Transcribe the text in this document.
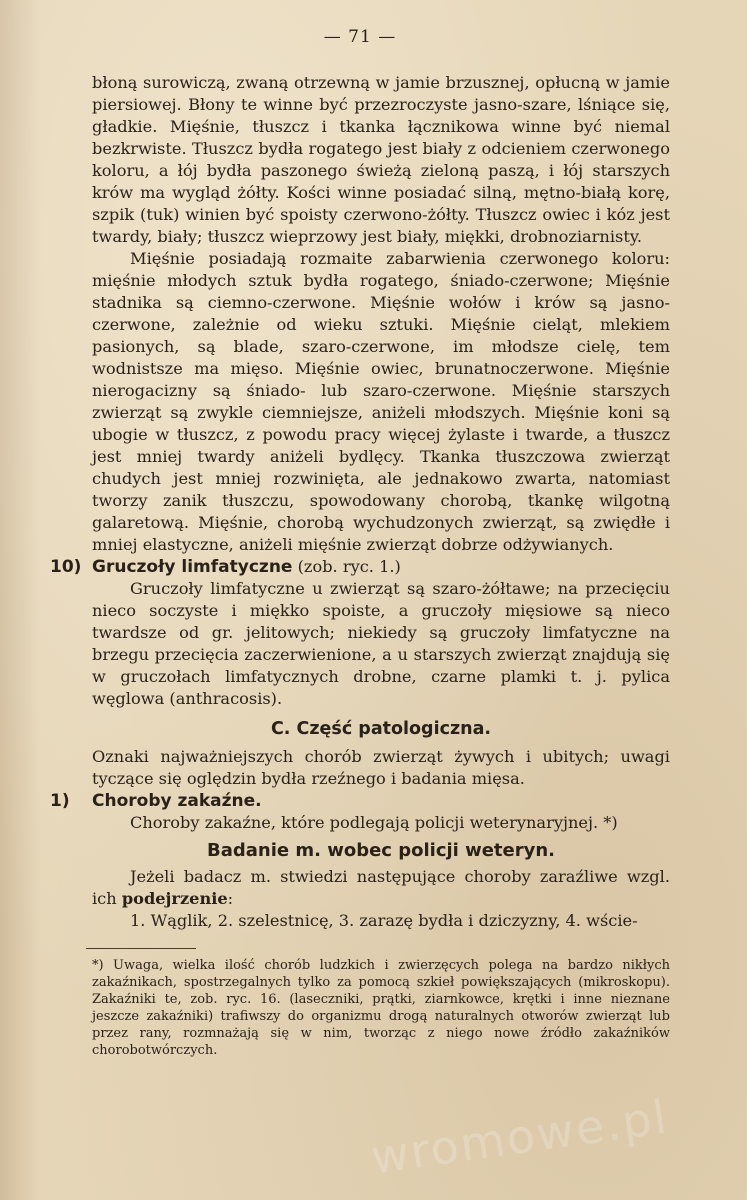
— 71 —

błoną surowiczą, zwaną otrzewną w jamie brzusznej, opłucną w jamie piersiowej. Błony te winne być przezroczyste jasno-szare, lśniące się, gładkie. Mięśnie, tłuszcz i tkanka łącznikowa winne być niemal bezkrwiste. Tłuszcz bydła rogatego jest biały z odcieniem czerwonego koloru, a łój bydła paszonego świeżą zieloną paszą, i łój starszych krów ma wygląd żółty. Kości winne posiadać silną, mętno-białą korę, szpik (tuk) winien być spoisty czerwono-żółty. Tłuszcz owiec i kóz jest twardy, biały; tłuszcz wieprzowy jest biały, miękki, drobnoziarnisty.

Mięśnie posiadają rozmaite zabarwienia czerwonego koloru: mięśnie młodych sztuk bydła rogatego, śniado-czerwone; Mięśnie stadnika są ciemno-czerwone. Mięśnie wołów i krów są jasno-czerwone, zależnie od wieku sztuki. Mięśnie cieląt, mlekiem pasionych, są blade, szaro-czerwone, im młodsze cielę, tem wodnistsze ma mięso. Mięśnie owiec, brunatnoczerwone. Mięśnie nierogacizny są śniado- lub szaro-czerwone. Mięśnie starszych zwierząt są zwykle ciemniejsze, aniżeli młodszych. Mięśnie koni są ubogie w tłuszcz, z powodu pracy więcej żylaste i twarde, a tłuszcz jest mniej twardy aniżeli bydlęcy. Tkanka tłuszczowa zwierząt chudych jest mniej rozwinięta, ale jednakowo zwarta, natomiast tworzy zanik tłuszczu, spowodowany chorobą, tkankę wilgotną galaretową. Mięśnie, chorobą wychudzonych zwierząt, są zwiędłe i mniej elastyczne, aniżeli mięśnie zwierząt dobrze odżywianych.

10) Gruczoły limfatyczne (zob. ryc. 1.)

Gruczoły limfatyczne u zwierząt są szaro-żółtawe; na przecięciu nieco soczyste i miękko spoiste, a gruczoły mięsiowe są nieco twardsze od gr. jelitowych; niekiedy są gruczoły limfatyczne na brzegu przecięcia zaczerwienione, a u starszych zwierząt znajdują się w gruczołach limfatycznych drobne, czarne plamki t. j. pylica węglowa (anthracosis).

C. Część patologiczna.

Oznaki najważniejszych chorób zwierząt żywych i ubitych; uwagi tyczące się oględzin bydła rzeźnego i badania mięsa.

1) Choroby zakaźne.

Choroby zakaźne, które podlegają policji weterynaryjnej. *)

Badanie m. wobec policji weteryn.

Jeżeli badacz m. stwiedzi następujące choroby zaraźliwe wzgl. ich podejrzenie:

1. Wąglik, 2. szelestnicę, 3. zarazę bydła i dziczyzny, 4. wście-

*) Uwaga, wielka ilość chorób ludzkich i zwierzęcych polega na bardzo nikłych zakaźnikach, spostrzegalnych tylko za pomocą szkieł powiększających (mikroskopu). Zakaźniki te, zob. ryc. 16. (laseczniki, prątki, ziarnkowce, krętki i inne nieznane jeszcze zakaźniki) trafiwszy do organizmu drogą naturalnych otworów zwierząt lub przez rany, rozmnażają się w nim, tworząc z niego nowe źródło zakaźników chorobotwórczych.

wromowe.pl
